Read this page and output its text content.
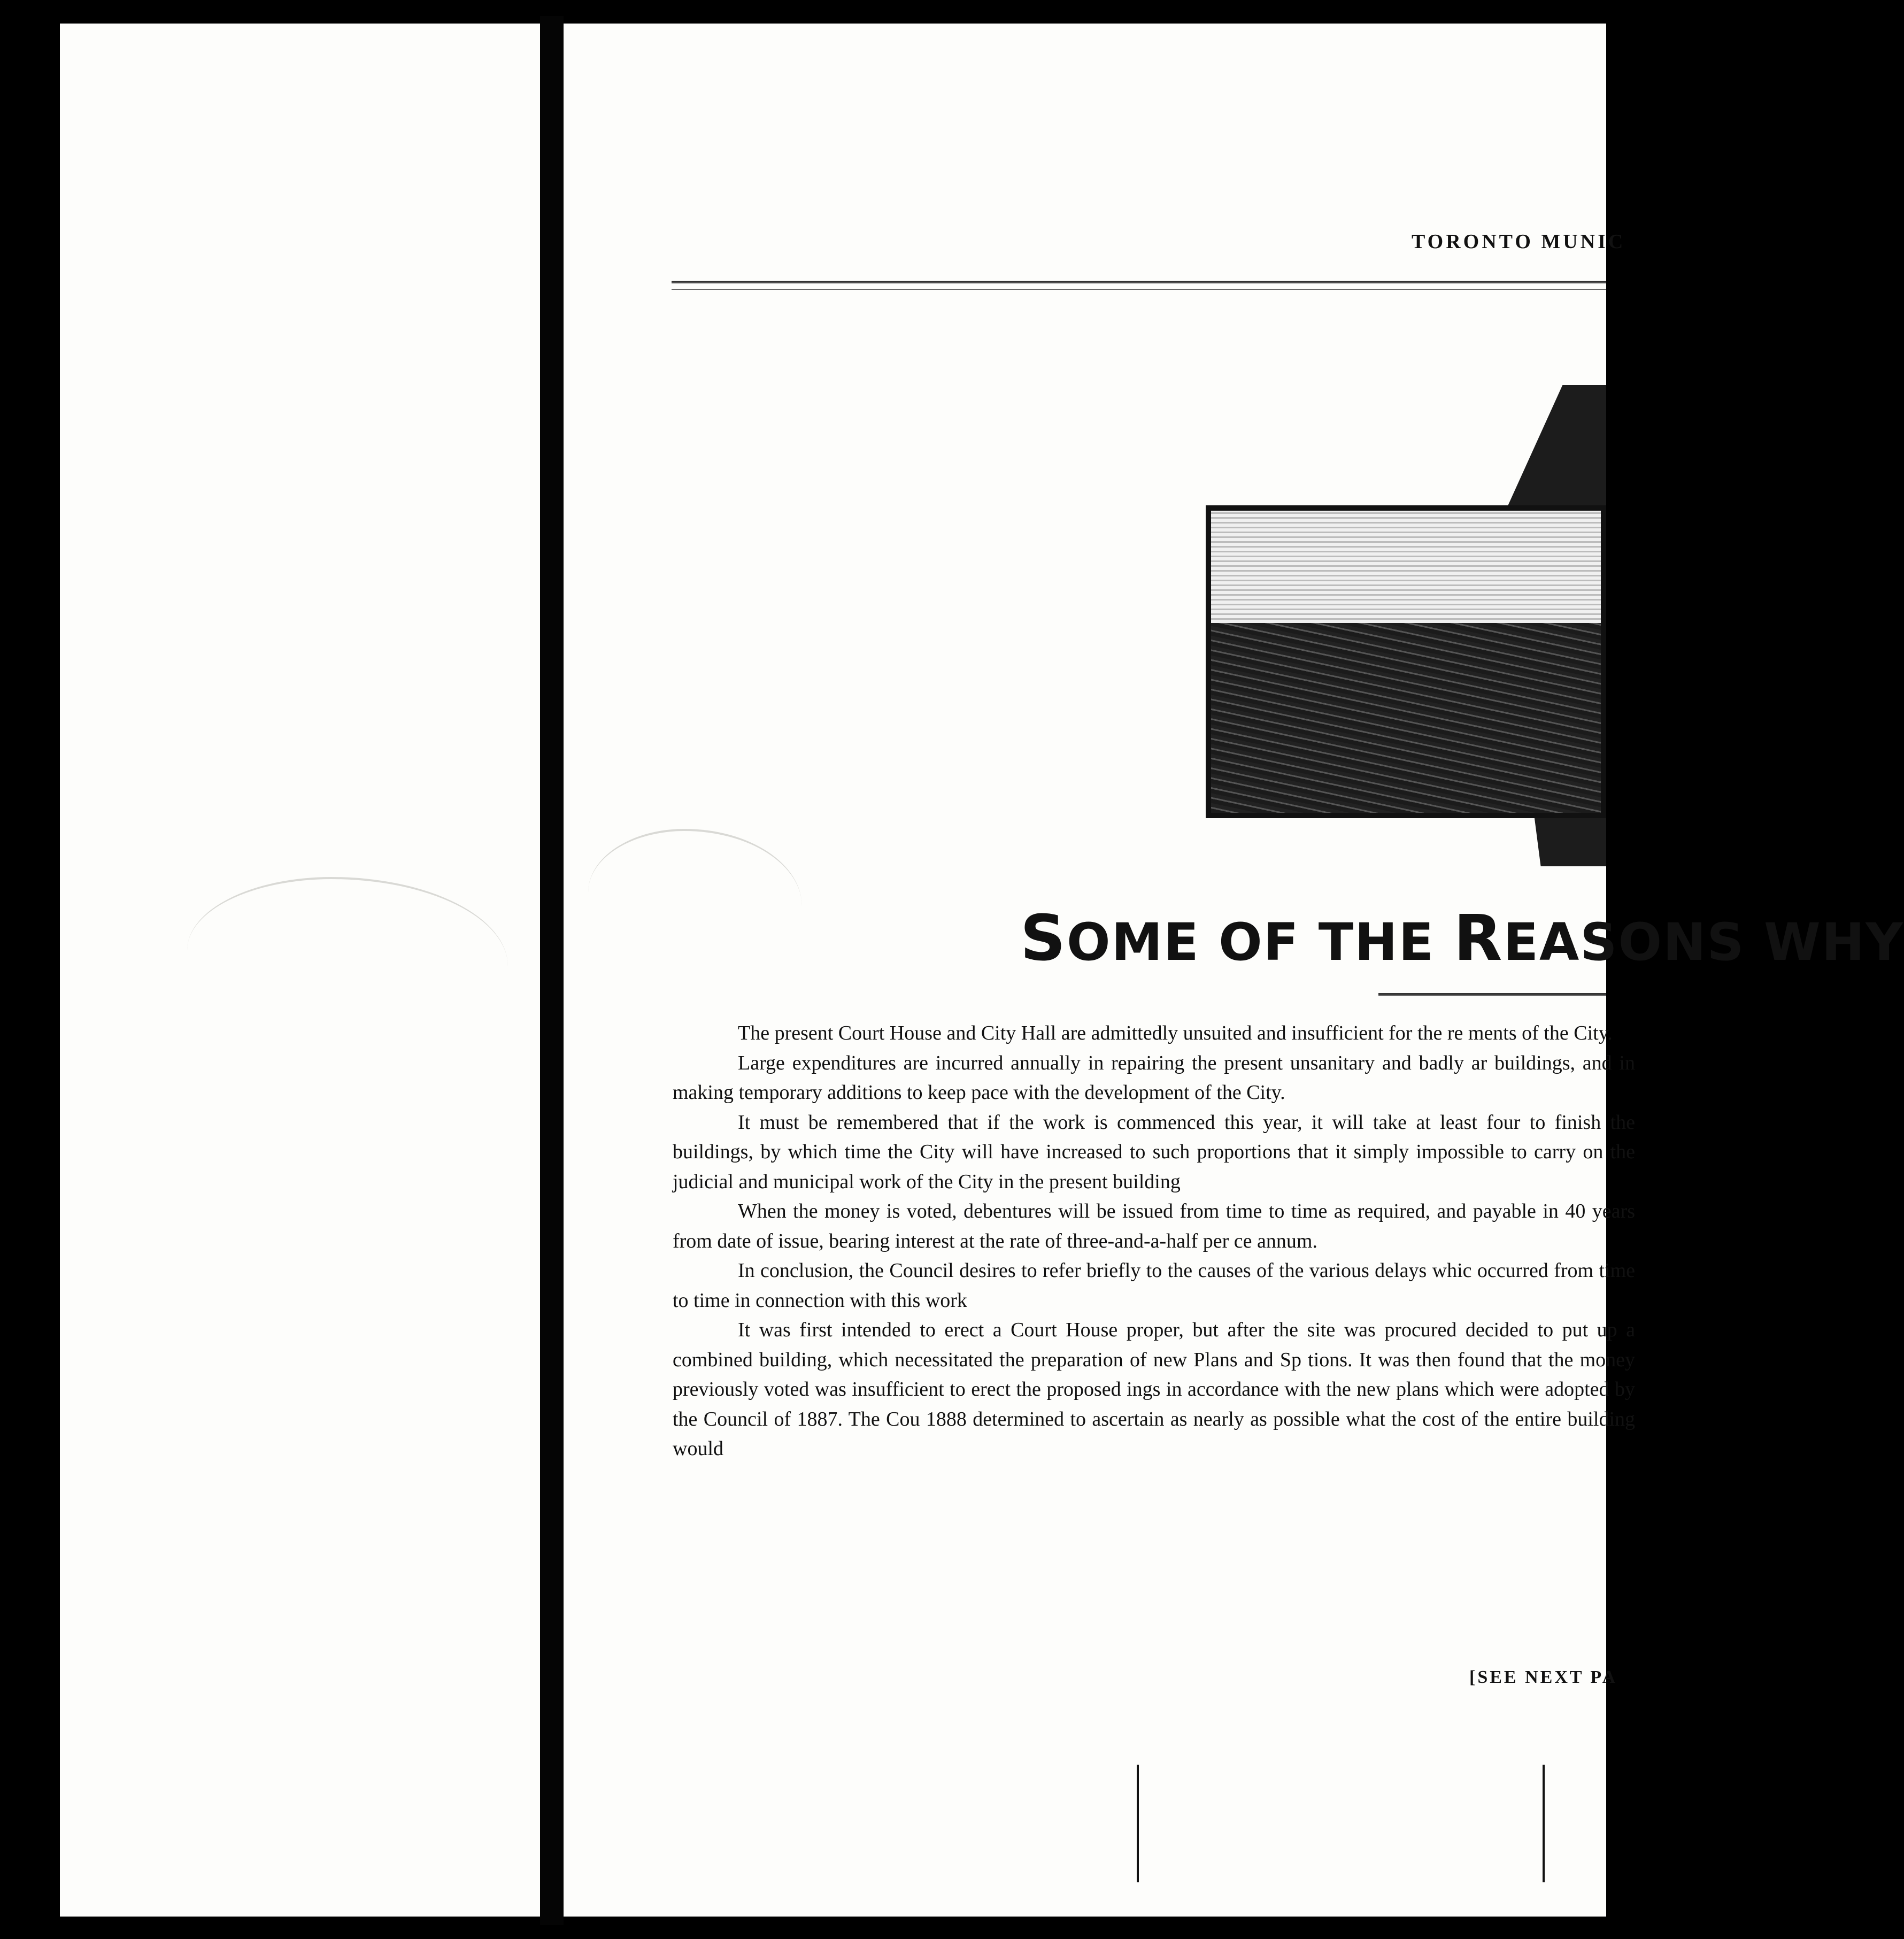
TORONTO MUNIC
SOME OF THE REASONS WHY

The present Court House and City Hall are admittedly unsuited and insufficient for the re ments of the City.

Large expenditures are incurred annually in repairing the present unsanitary and badly ar buildings, and in making temporary additions to keep pace with the development of the City.

It must be remembered that if the work is commenced this year, it will take at least four to finish the buildings, by which time the City will have increased to such proportions that it simply impossible to carry on the judicial and municipal work of the City in the present building

When the money is voted, debentures will be issued from time to time as required, and payable in 40 years from date of issue, bearing interest at the rate of three-and-a-half per ce annum.

In conclusion, the Council desires to refer briefly to the causes of the various delays whic occurred from time to time in connection with this work

It was first intended to erect a Court House proper, but after the site was procured decided to put up a combined building, which necessitated the preparation of new Plans and Sp tions. It was then found that the money previously voted was insufficient to erect the proposed ings in accordance with the new plans which were adopted by the Council of 1887. The Cou 1888 determined to ascertain as nearly as possible what the cost of the entire building would

[SEE NEXT PA
